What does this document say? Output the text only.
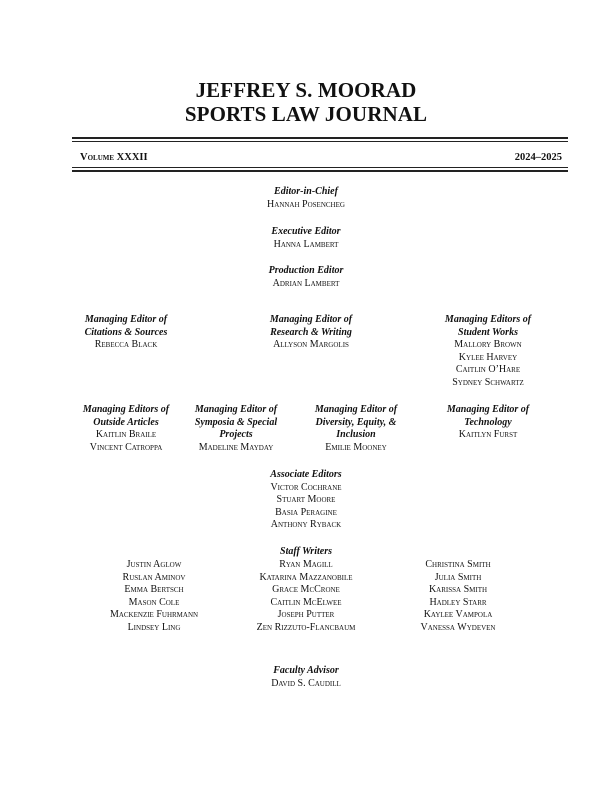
JEFFREY S. MOORAD
SPORTS LAW JOURNAL
Volume XXXII	2024–2025
Editor-in-Chief
Hannah Posencheg
Executive Editor
Hanna Lambert
Production Editor
Adrian Lambert
Managing Editor of
Citations & Sources
Rebecca Black
Managing Editor of
Research & Writing
Allyson Margolis
Managing Editors of
Student Works
Mallory Brown
Kylee Harvey
Caitlin O’Hare
Sydney Schwartz
Managing Editors of
Outside Articles
Kaitlin Braile
Vincent Catroppa
Managing Editor of
Symposia & Special
Projects
Madeline Mayday
Managing Editor of
Diversity, Equity, &
Inclusion
Emilie Mooney
Managing Editor of
Technology
Kaitlyn Furst
Associate Editors
Victor Cochrane
Stuart Moore
Basia Peragine
Anthony Ryback
Staff Writers
Justin Aglow
Ruslan Aminov
Emma Bertsch
Mason Cole
Mackenzie Fuhrmann
Lindsey Ling
Ryan Magill
Katarina Mazzanobile
Grace McCrone
Caitlin McElwee
Joseph Putter
Zen Rizzuto-Flancbaum
Christina Smith
Julia Smith
Karissa Smith
Hadley Starr
Kaylee Vampola
Vanessa Wydeven
Faculty Advisor
David S. Caudill
